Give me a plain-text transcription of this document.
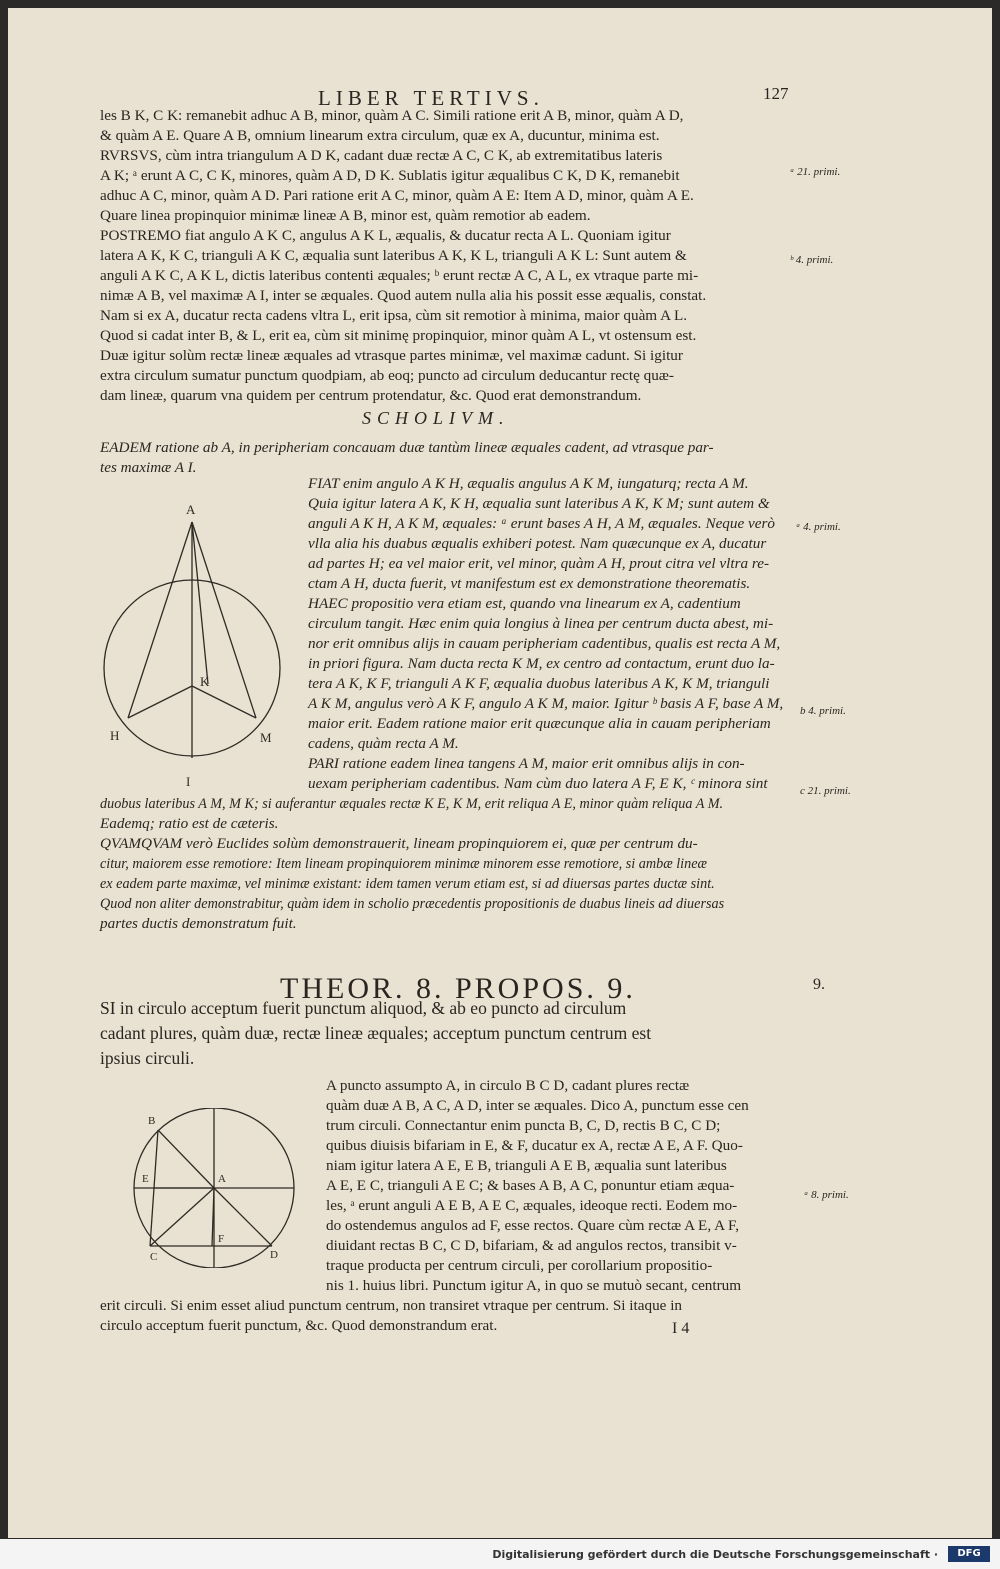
LIBER TERTIVS.	127
les B K, C K: remanebit adhuc A B, minor, quàm A C. Simili ratione erit A B, minor, quàm A D,
& quàm A E. Quare A B, omnium linearum extra circulum, quæ ex A, ducuntur, minima est.
RVRSVS, cùm intra triangulum A D K, cadant duæ rectæ A C, C K, ab extremitatibus lateris
A K; ᵃ erunt A C, C K, minores, quàm A D, D K. Sublatis igitur æqualibus C K, D K, remanebit
adhuc A C, minor, quàm A D. Pari ratione erit A C, minor, quàm A E: Item A D, minor, quàm A E.
Quare linea propinquior minimæ lineæ A B, minor est, quàm remotior ab eadem.
POSTREMO fiat angulo A K C, angulus A K L, æqualis, & ducatur recta A L. Quoniam igitur
latera A K, K C, trianguli A K C, æqualia sunt lateribus A K, K L, trianguli A K L: Sunt autem &
anguli A K C, A K L, dictis lateribus contenti æquales; ᵇ erunt rectæ A C, A L, ex vtraque parte mi-
nimæ A B, vel maximæ A I, inter se æquales. Quod autem nulla alia his possit esse æqualis, constat.
Nam si ex A, ducatur recta cadens vltra L, erit ipsa, cùm sit remotior à minima, maior quàm A L.
Quod si cadat inter B, & L, erit ea, cùm sit minimę propinquior, minor quàm A L, vt ostensum est.
Duæ igitur solùm rectæ lineæ æquales ad vtrasque partes minimæ, vel maximæ cadunt. Si igitur
extra circulum sumatur punctum quodpiam, ab eoq; puncto ad circulum deducantur rectę quæ-
dam lineæ, quarum vna quidem per centrum protendatur, &c. Quod erat demonstrandum.
ᵃ 21. primi.
ᵇ 4. primi.
SCHOLIVM.
EADEM ratione ab A, in peripheriam concauam duæ tantùm lineæ æquales cadent, ad vtrasque par-
tes maximæ A I.
A
K
H	M
I
FIAT enim angulo A K H, æqualis angulus A K M, iungaturq; recta A M.
Quia igitur latera A K, K H, æqualia sunt lateribus A K, K M; sunt autem &
anguli A K H, A K M, æquales: ᵃ erunt bases A H, A M, æquales. Neque verò
vlla alia his duabus æqualis exhiberi potest. Nam quæcunque ex A, ducatur
ad partes H; ea vel maior erit, vel minor, quàm A H, prout citra vel vltra re-
ctam A H, ducta fuerit, vt manifestum est ex demonstratione theorematis.
HAEC propositio vera etiam est, quando vna linearum ex A, cadentium
circulum tangit. Hæc enim quia longius à linea per centrum ducta abest, mi-
nor erit omnibus alijs in cauam peripheriam cadentibus, qualis est recta A M,
in priori figura. Nam ducta recta K M, ex centro ad contactum, erunt duo la-
tera A K, K F, trianguli A K F, æqualia duobus lateribus A K, K M, trianguli
A K M, angulus verò A K F, angulo A K M, maior. Igitur ᵇ basis A F, base A M,
maior erit. Eadem ratione maior erit quæcunque alia in cauam peripheriam
cadens, quàm recta A M.
PARI ratione eadem linea tangens A M, maior erit omnibus alijs in con-
uexam peripheriam cadentibus. Nam cùm duo latera A F, E K, ᶜ minora sint
ᵃ 4. primi.
b 4. primi.
c 21. primi.
duobus lateribus A M, M K; si auferantur æquales rectæ K E, K M, erit reliqua A E, minor quàm reliqua A M.
Eademq; ratio est de cæteris.
QVAMQVAM verò Euclides solùm demonstrauerit, lineam propinquiorem ei, quæ per centrum du-
citur, maiorem esse remotiore: Item lineam propinquiorem minimæ minorem esse remotiore, si ambæ lineæ
ex eadem parte maximæ, vel minimæ existant: idem tamen verum etiam est, si ad diuersas partes ductæ sint.
Quod non aliter demonstrabitur, quàm idem in scholio præcedentis propositionis de duabus lineis ad diuersas
partes ductis demonstratum fuit.
THEOR. 8. PROPOS. 9.	9.
SI in circulo acceptum fuerit punctum aliquod, & ab eo puncto ad circulum
cadant plures, quàm duæ, rectæ lineæ æquales; acceptum punctum centrum est
ipsius circuli.
B
E	A
F
C	D
A puncto assumpto A, in circulo B C D, cadant plures rectæ
quàm duæ A B, A C, A D, inter se æquales. Dico A, punctum esse cen
trum circuli. Connectantur enim puncta B, C, D, rectis B C, C D;
quibus diuisis bifariam in E, & F, ducatur ex A, rectæ A E, A F. Quo-
niam igitur latera A E, E B, trianguli A E B, æqualia sunt lateribus
A E, E C, trianguli A E C; & bases A B, A C, ponuntur etiam æqua-
les, ᵃ erunt anguli A E B, A E C, æquales, ideoque recti. Eodem mo-
do ostendemus angulos ad F, esse rectos. Quare cùm rectæ A E, A F,
diuidant rectas B C, C D, bifariam, & ad angulos rectos, transibit v-
traque producta per centrum circuli, per corollarium propositio-
nis 1. huius libri. Punctum igitur A, in quo se mutuò secant, centrum
ᵃ 8. primi.
erit circuli. Si enim esset aliud punctum centrum, non transiret vtraque per centrum. Si itaque in
circulo acceptum fuerit punctum, &c. Quod demonstrandum erat.	I 4
Digitalisierung gefördert durch die Deutsche Forschungsgemeinschaft ·	DFG
